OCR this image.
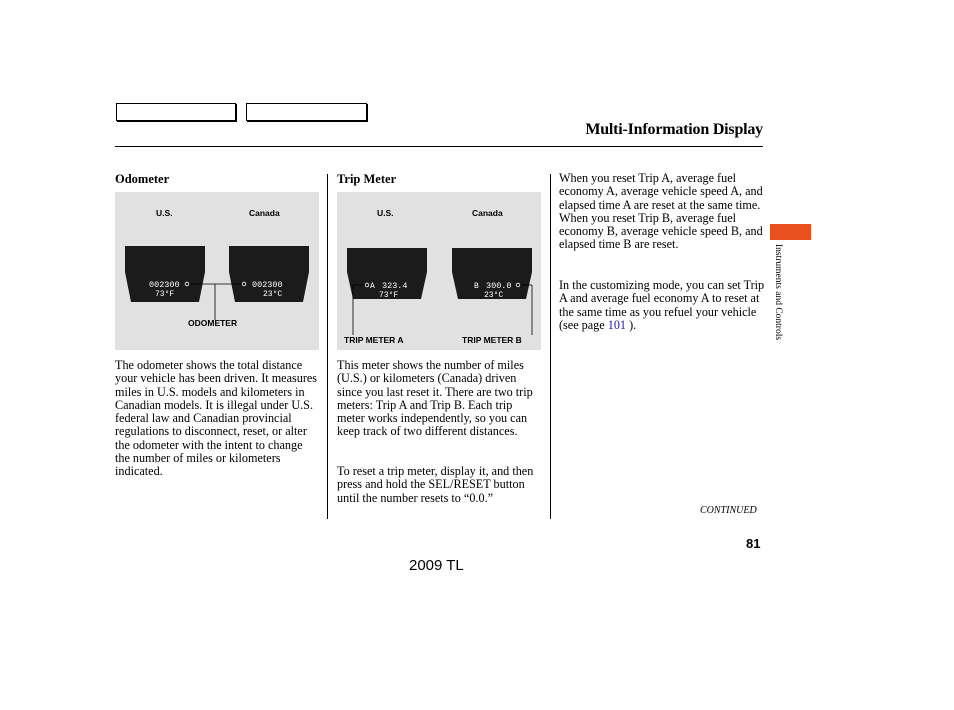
Multi-Information Display
Odometer
U.S.	Canada
002300
73°F
002300
23°C
ODOMETER
The odometer shows the total distance your vehicle has been driven. It measures miles in U.S. models and kilometers in Canadian models. It is illegal under U.S. federal law and Canadian provincial regulations to disconnect, reset, or alter the odometer with the intent to change the number of miles or kilometers indicated.
Trip Meter
U.S.	Canada
A 323.4
73°F
B 300.0
23°C
TRIP METER A	TRIP METER B
This meter shows the number of miles (U.S.) or kilometers (Canada) driven since you last reset it. There are two trip meters: Trip A and Trip B. Each trip meter works independently, so you can keep track of two different distances.
To reset a trip meter, display it, and then press and hold the SEL/RESET button until the number resets to “0.0.”
When you reset Trip A, average fuel economy A, average vehicle speed A, and elapsed time A are reset at the same time. When you reset Trip B, average fuel economy B, average vehicle speed B, and elapsed time B are reset.
In the customizing mode, you can set Trip A and average fuel economy A to reset at the same time as you refuel your vehicle (see page 101 ).	Instruments and Controls
CONTINUED
81
2009 TL
